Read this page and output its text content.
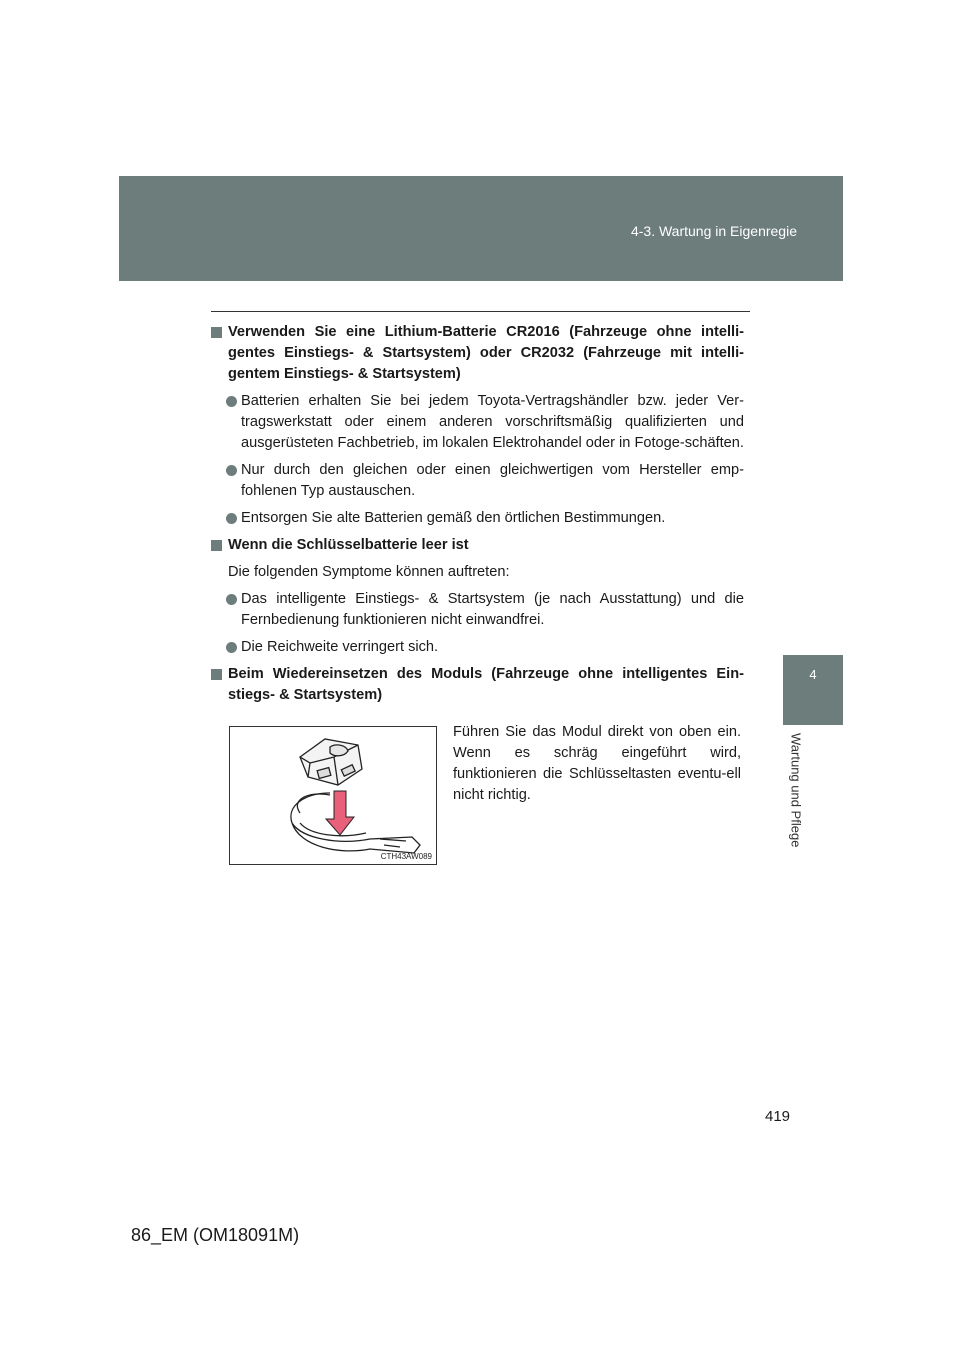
4-3. Wartung in Eigenregie
4
Wartung und Pflege
Verwenden Sie eine Lithium-Batterie CR2016 (Fahrzeuge ohne intelli-gentes Einstiegs- & Startsystem) oder CR2032 (Fahrzeuge mit intelli-gentem Einstiegs- & Startsystem)
Batterien erhalten Sie bei jedem Toyota-Vertragshändler bzw. jeder Ver-tragswerkstatt oder einem anderen vorschriftsmäßig qualifizierten und ausgerüsteten Fachbetrieb, im lokalen Elektrohandel oder in Fotoge-schäften.
Nur durch den gleichen oder einen gleichwertigen vom Hersteller emp-fohlenen Typ austauschen.
Entsorgen Sie alte Batterien gemäß den örtlichen Bestimmungen.
Wenn die Schlüsselbatterie leer ist
Die folgenden Symptome können auftreten:
Das intelligente Einstiegs- & Startsystem (je nach Ausstattung) und die Fernbedienung funktionieren nicht einwandfrei.
Die Reichweite verringert sich.
Beim Wiedereinsetzen des Moduls (Fahrzeuge ohne intelligentes Ein-stiegs- & Startsystem)
CTH43AW089
Führen Sie das Modul direkt von oben ein. Wenn es schräg eingeführt wird, funktionieren die Schlüsseltasten eventu-ell nicht richtig.
419
86_EM (OM18091M)
